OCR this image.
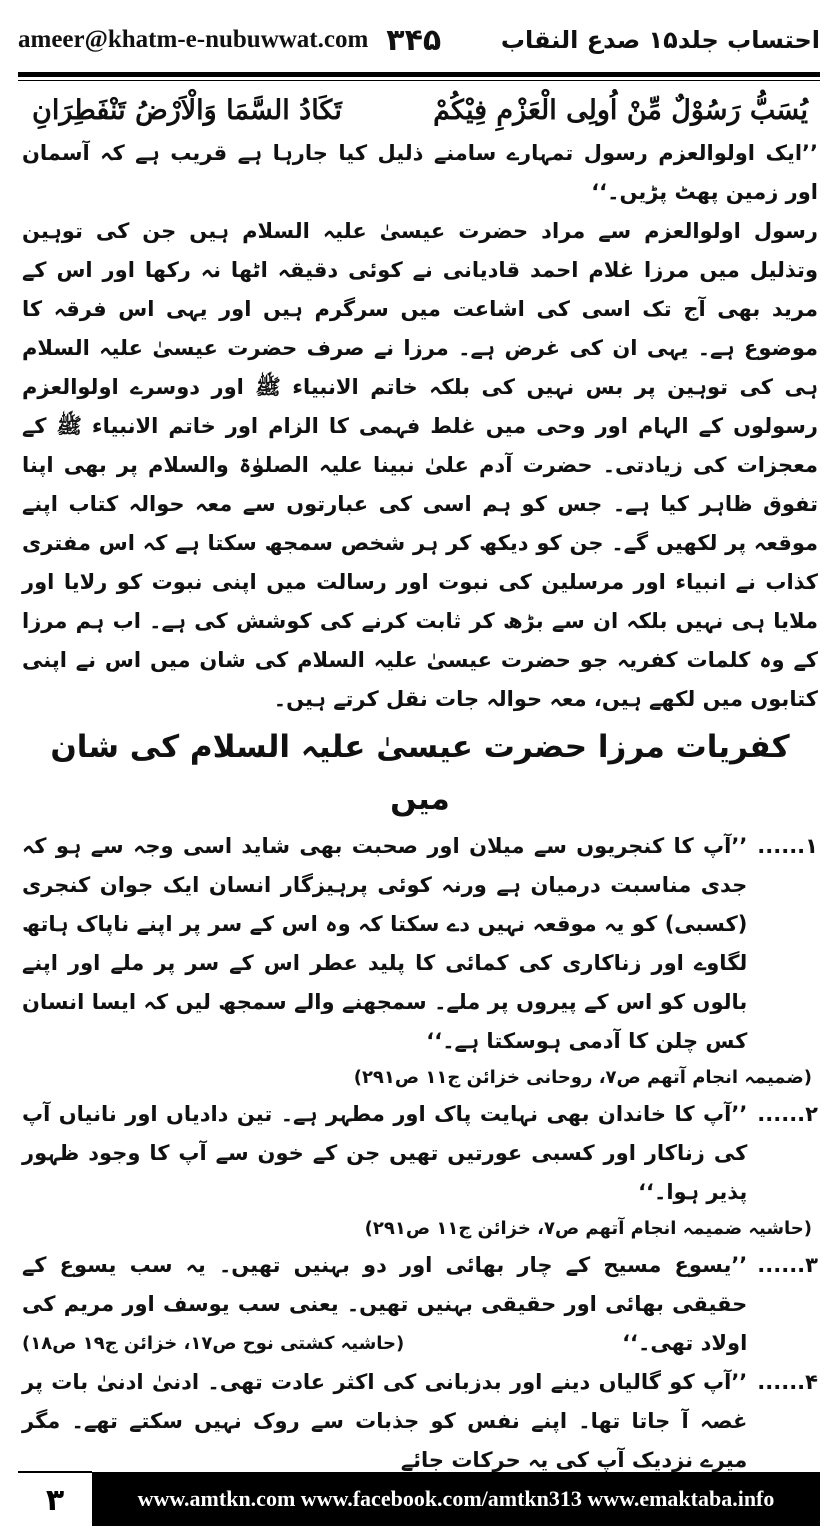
ameer@khatm-e-nubuwwat.com ۳۴۵ احتساب جلد۱۵ صدع النقاب
يُسَبُّ رَسُوْلٌ مِّنْ اُولِى الْعَزْمِ فِيْكُمْ
تَكَادُ السَّمَا وَالْاَرْضُ تَنْفَطِرَانِ

’’ایک اولوالعزم رسول تمہارے سامنے ذلیل کیا جارہا ہے قریب ہے کہ آسمان اور زمین پھٹ پڑیں۔‘‘

رسول اولوالعزم سے مراد حضرت عیسیٰ علیہ السلام ہیں جن کی توہین وتذلیل میں مرزا غلام احمد قادیانی نے کوئی دقیقہ اٹھا نہ رکھا اور اس کے مرید بھی آج تک اسی کی اشاعت میں سرگرم ہیں اور یہی اس فرقہ کا موضوع ہے۔ یہی ان کی غرض ہے۔ مرزا نے صرف حضرت عیسیٰ علیہ السلام ہی کی توہین پر بس نہیں کی بلکہ خاتم الانبیاء ﷺ اور دوسرے اولوالعزم رسولوں کے الہام اور وحی میں غلط فہمی کا الزام اور خاتم الانبیاء ﷺ کے معجزات کی زیادتی۔ حضرت آدم علیٰ نبینا علیہ الصلوٰۃ والسلام پر بھی اپنا تفوق ظاہر کیا ہے۔ جس کو ہم اسی کی عبارتوں سے معہ حوالہ کتاب اپنے موقعہ پر لکھیں گے۔ جن کو دیکھ کر ہر شخص سمجھ سکتا ہے کہ اس مفتری کذاب نے انبیاء اور مرسلین کی نبوت اور رسالت میں اپنی نبوت کو رلایا اور ملایا ہی نہیں بلکہ ان سے بڑھ کر ثابت کرنے کی کوشش کی ہے۔ اب ہم مرزا کے وہ کلمات کفریہ جو حضرت عیسیٰ علیہ السلام کی شان میں اس نے اپنی کتابوں میں لکھے ہیں، معہ حوالہ جات نقل کرتے ہیں۔

کفریات مرزا حضرت عیسیٰ علیہ السلام کی شان میں
۱......
’’آپ کا کنجریوں سے میلان اور صحبت بھی شاید اسی وجہ سے ہو کہ جدی مناسبت درمیان ہے ورنہ کوئی پرہیزگار انسان ایک جوان کنجری (کسبی) کو یہ موقعہ نہیں دے سکتا کہ وہ اس کے سر پر اپنے ناپاک ہاتھ لگاوے اور زناکاری کی کمائی کا پلید عطر اس کے سر پر ملے اور اپنے بالوں کو اس کے پیروں پر ملے۔ سمجھنے والے سمجھ لیں کہ ایسا انسان کس چلن کا آدمی ہوسکتا ہے۔‘‘

(ضمیمہ انجام آتھم ص۷، روحانی خزائن ج۱۱ ص۲۹۱)

۲......
’’آپ کا خاندان بھی نہایت پاک اور مطہر ہے۔ تین دادیاں اور نانیاں آپ کی زناکار اور کسبی عورتیں تھیں جن کے خون سے آپ کا وجود ظہور پذیر ہوا۔‘‘

(حاشیہ ضمیمہ انجام آتھم ص۷، خزائن ج۱۱ ص۲۹۱)

۳......
’’یسوع مسیح کے چار بھائی اور دو بہنیں تھیں۔ یہ سب یسوع کے حقیقی بھائی اور حقیقی بہنیں تھیں۔ یعنی سب یوسف اور مریم کی اولاد تھی۔‘‘
(حاشیہ کشتی نوح ص۱۷، خزائن ج۱۹ ص۱۸)
۴......
’’آپ کو گالیاں دینے اور بدزبانی کی اکثر عادت تھی۔ ادنیٰ ادنیٰ بات پر غصہ آ جاتا تھا۔ اپنے نفس کو جذبات سے روک نہیں سکتے تھے۔ مگر میرے نزدیک آپ کی یہ حرکات جائے
۳	www.amtkn.com www.facebook.com/amtkn313 www.emaktaba.info
